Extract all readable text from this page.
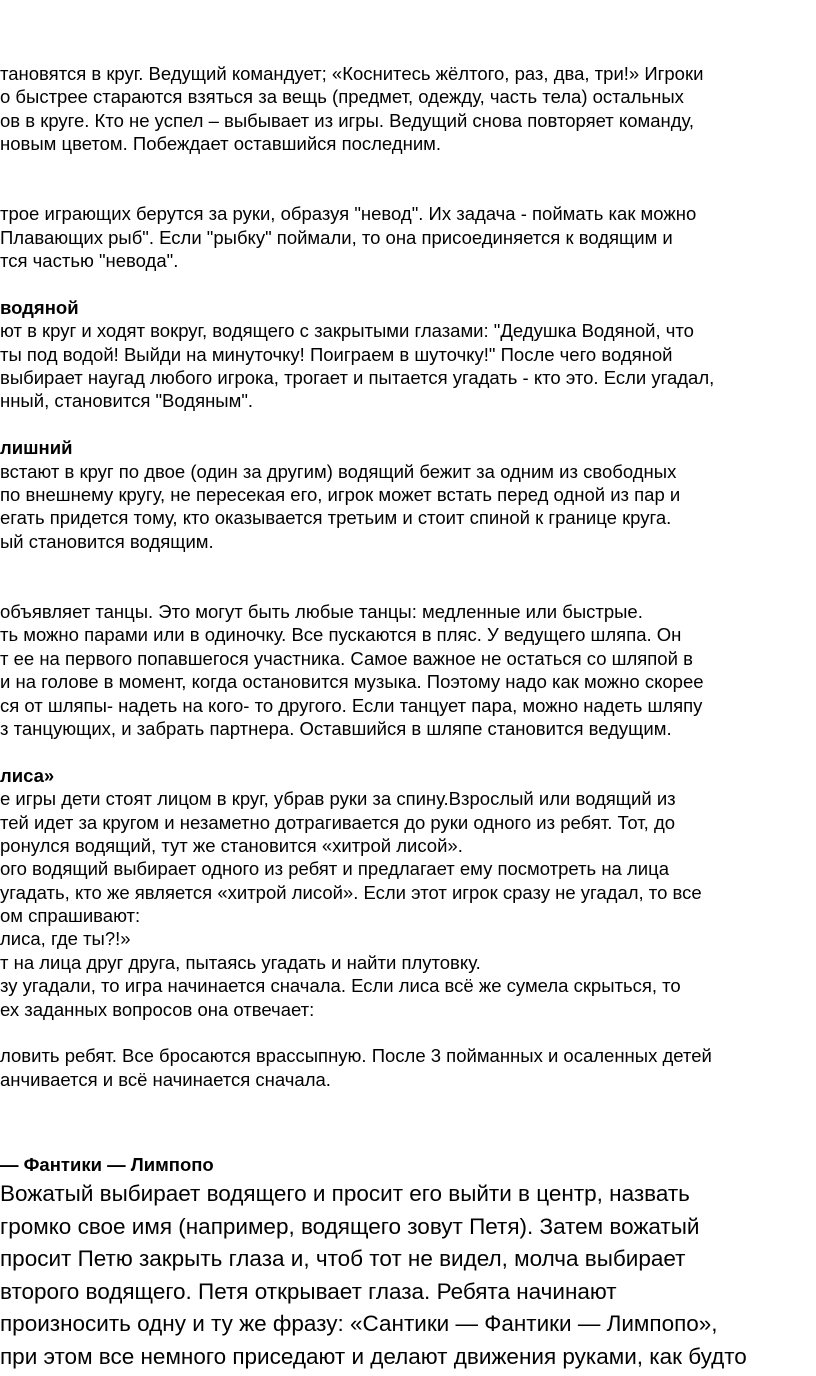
тановятся в круг. Ведущий командует; «Коснитесь жёлтого, раз, два, три!» Игроки
о быстрее стараются взяться за вещь (предмет, одежду, часть тела) остальных
ов в круге. Кто не успел – выбывает из игры. Ведущий снова повторяет команду,
новым цветом. Побеждает оставшийся последним.
трое играющих берутся за руки, образуя "невод". Их задача - поймать как можно
Плавающих рыб". Если "рыбку" поймали, то она присоединяется к водящим и
тся частью "невода".
водяной
ют в круг и ходят вокруг, водящего с закрытыми глазами: "Дедушка Водяной, что
ты под водой! Выйди на минуточку! Поиграем в шуточку!" После чего водяной
выбирает наугад любого игрока, трогает и пытается угадать - кто это. Если угадал,
нный, становится "Водяным".
лишний
встают в круг по двое (один за другим) водящий бежит за одним из свободных
по внешнему кругу, не пересекая его, игрок может встать перед одной из пар и
егать придется тому, кто оказывается третьим и стоит спиной к границе круга.
ый становится водящим.
объявляет танцы. Это могут быть любые танцы: медленные или быстрые.
ть можно парами или в одиночку. Все пускаются в пляс. У ведущего шляпа. Он
т ее на первого попавшегося участника. Самое важное не остаться со шляпой в
и на голове в момент, когда остановится музыка. Поэтому надо как можно скорее
ся от шляпы- надеть на кого- то другого. Если танцует пара, можно надеть шляпу
з танцующих, и забрать партнера. Оставшийся в шляпе становится ведущим.
лиса»
е игры дети стоят лицом в круг, убрав руки за спину.Взрослый или водящий из
тей идет за кругом и незаметно дотрагивается до руки одного из ребят. Тот, до
ронулся водящий, тут же становится «хитрой лисой».
ого водящий выбирает одного из ребят и предлагает ему посмотреть на лица
угадать, кто же является «хитрой лисой». Если этот игрок сразу не угадал, то все
ом спрашивают:
лиса, где ты?!»
т на лица друг друга, пытаясь угадать и найти плутовку.
зу угадали, то игра начинается сначала. Если лиса всё же сумела скрыться, то
ех заданных вопросов она отвечает:
ловить ребят. Все бросаются врассыпную. После 3 пойманных и осаленных детей
анчивается и всё начинается сначала.
— Фантики — Лимпопо
Вожатый выбирает водящего и просит его выйти в центр, назвать
громко свое имя (например, водящего зовут Петя). Затем вожатый
просит Петю закрыть глаза и, чтоб тот не видел, молча выбирает
второго водящего. Петя открывает глаза. Ребята начинают
произносить одну и ту же фразу: «Сантики — Фантики — Лимпопо»,
при этом все немного приседают и делают движения руками, как будто
